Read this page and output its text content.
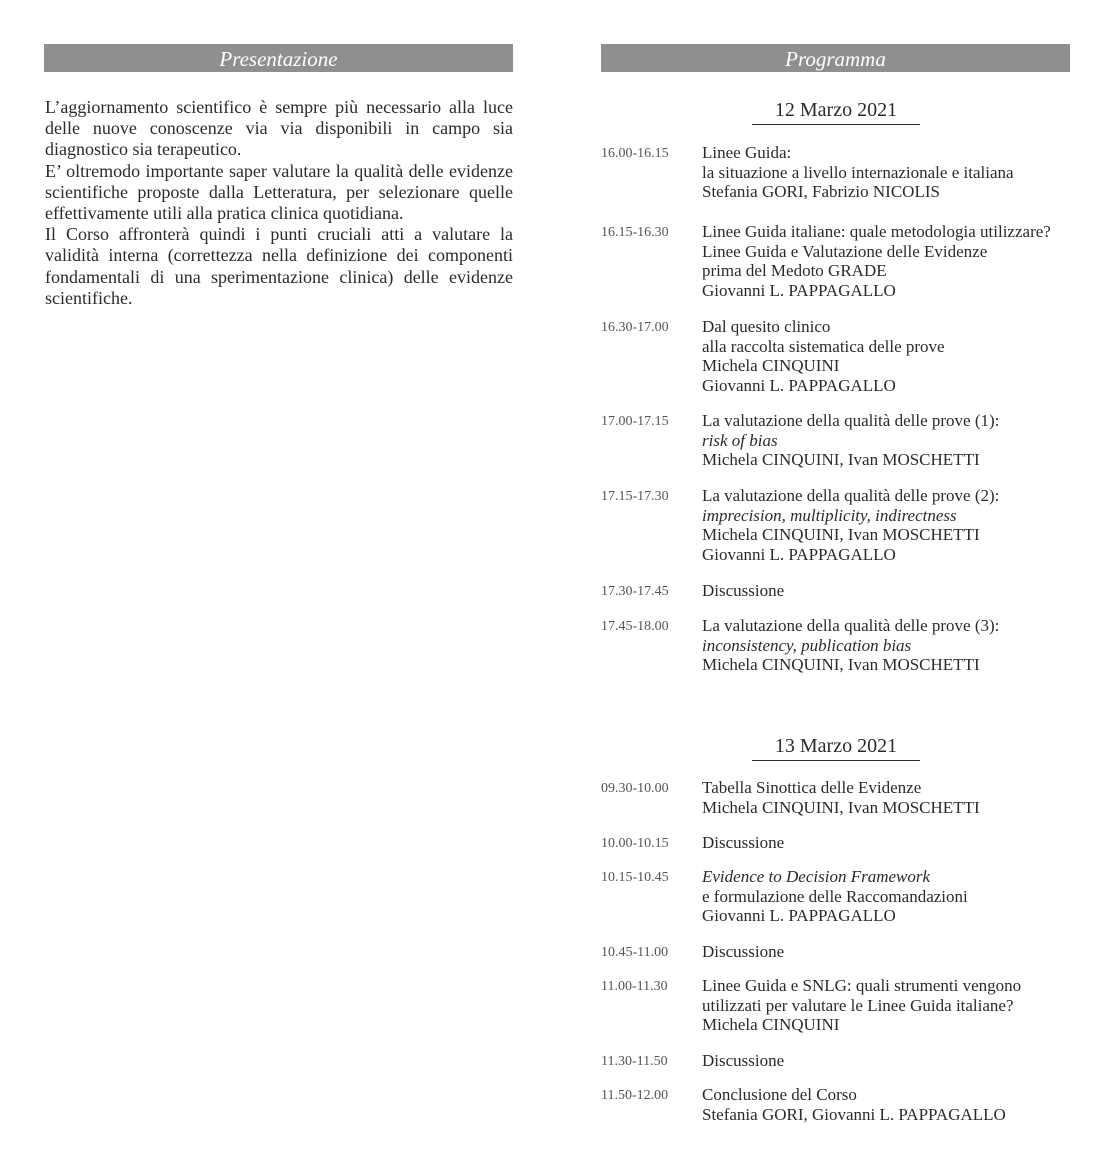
Presentazione	Programma

L’aggiornamento scientifico è sempre più necessario alla luce delle nuove conoscenze via via disponibili in campo sia diagnostico sia terapeutico.

E’ oltremodo importante saper valutare la qualità delle evidenze scientifiche proposte dalla Letteratura, per selezionare quelle effettivamente utili alla pratica clinica quotidiana.

Il Corso affronterà quindi i punti cruciali atti a valutare la validità interna (correttezza nella definizione dei componenti fondamentali di una sperimentazione clinica) delle evidenze scientifiche.

12 Marzo 2021
16.00-16.15 Linee Guida:
la situazione a livello internazionale e italiana
Stefania GORI, Fabrizio NICOLIS
16.15-16.30 Linee Guida italiane: quale metodologia utilizzare?
Linee Guida e Valutazione delle Evidenze
prima del Medoto GRADE
Giovanni L. PAPPAGALLO
16.30-17.00 Dal quesito clinico
alla raccolta sistematica delle prove
Michela CINQUINI
Giovanni L. PAPPAGALLO
17.00-17.15 La valutazione della qualità delle prove (1):
risk of bias
Michela CINQUINI, Ivan MOSCHETTI
17.15-17.30 La valutazione della qualità delle prove (2):
imprecision, multiplicity, indirectness
Michela CINQUINI, Ivan MOSCHETTI
Giovanni L. PAPPAGALLO
17.30-17.45 Discussione
17.45-18.00 La valutazione della qualità delle prove (3):
inconsistency, publication bias
Michela CINQUINI, Ivan MOSCHETTI
13 Marzo 2021
09.30-10.00 Tabella Sinottica delle Evidenze
Michela CINQUINI, Ivan MOSCHETTI
10.00-10.15 Discussione
10.15-10.45 Evidence to Decision Framework
e formulazione delle Raccomandazioni
Giovanni L. PAPPAGALLO
10.45-11.00 Discussione
11.00-11.30 Linee Guida e SNLG: quali strumenti vengono
utilizzati per valutare le Linee Guida italiane?
Michela CINQUINI
11.30-11.50 Discussione
11.50-12.00 Conclusione del Corso
Stefania GORI, Giovanni L. PAPPAGALLO
